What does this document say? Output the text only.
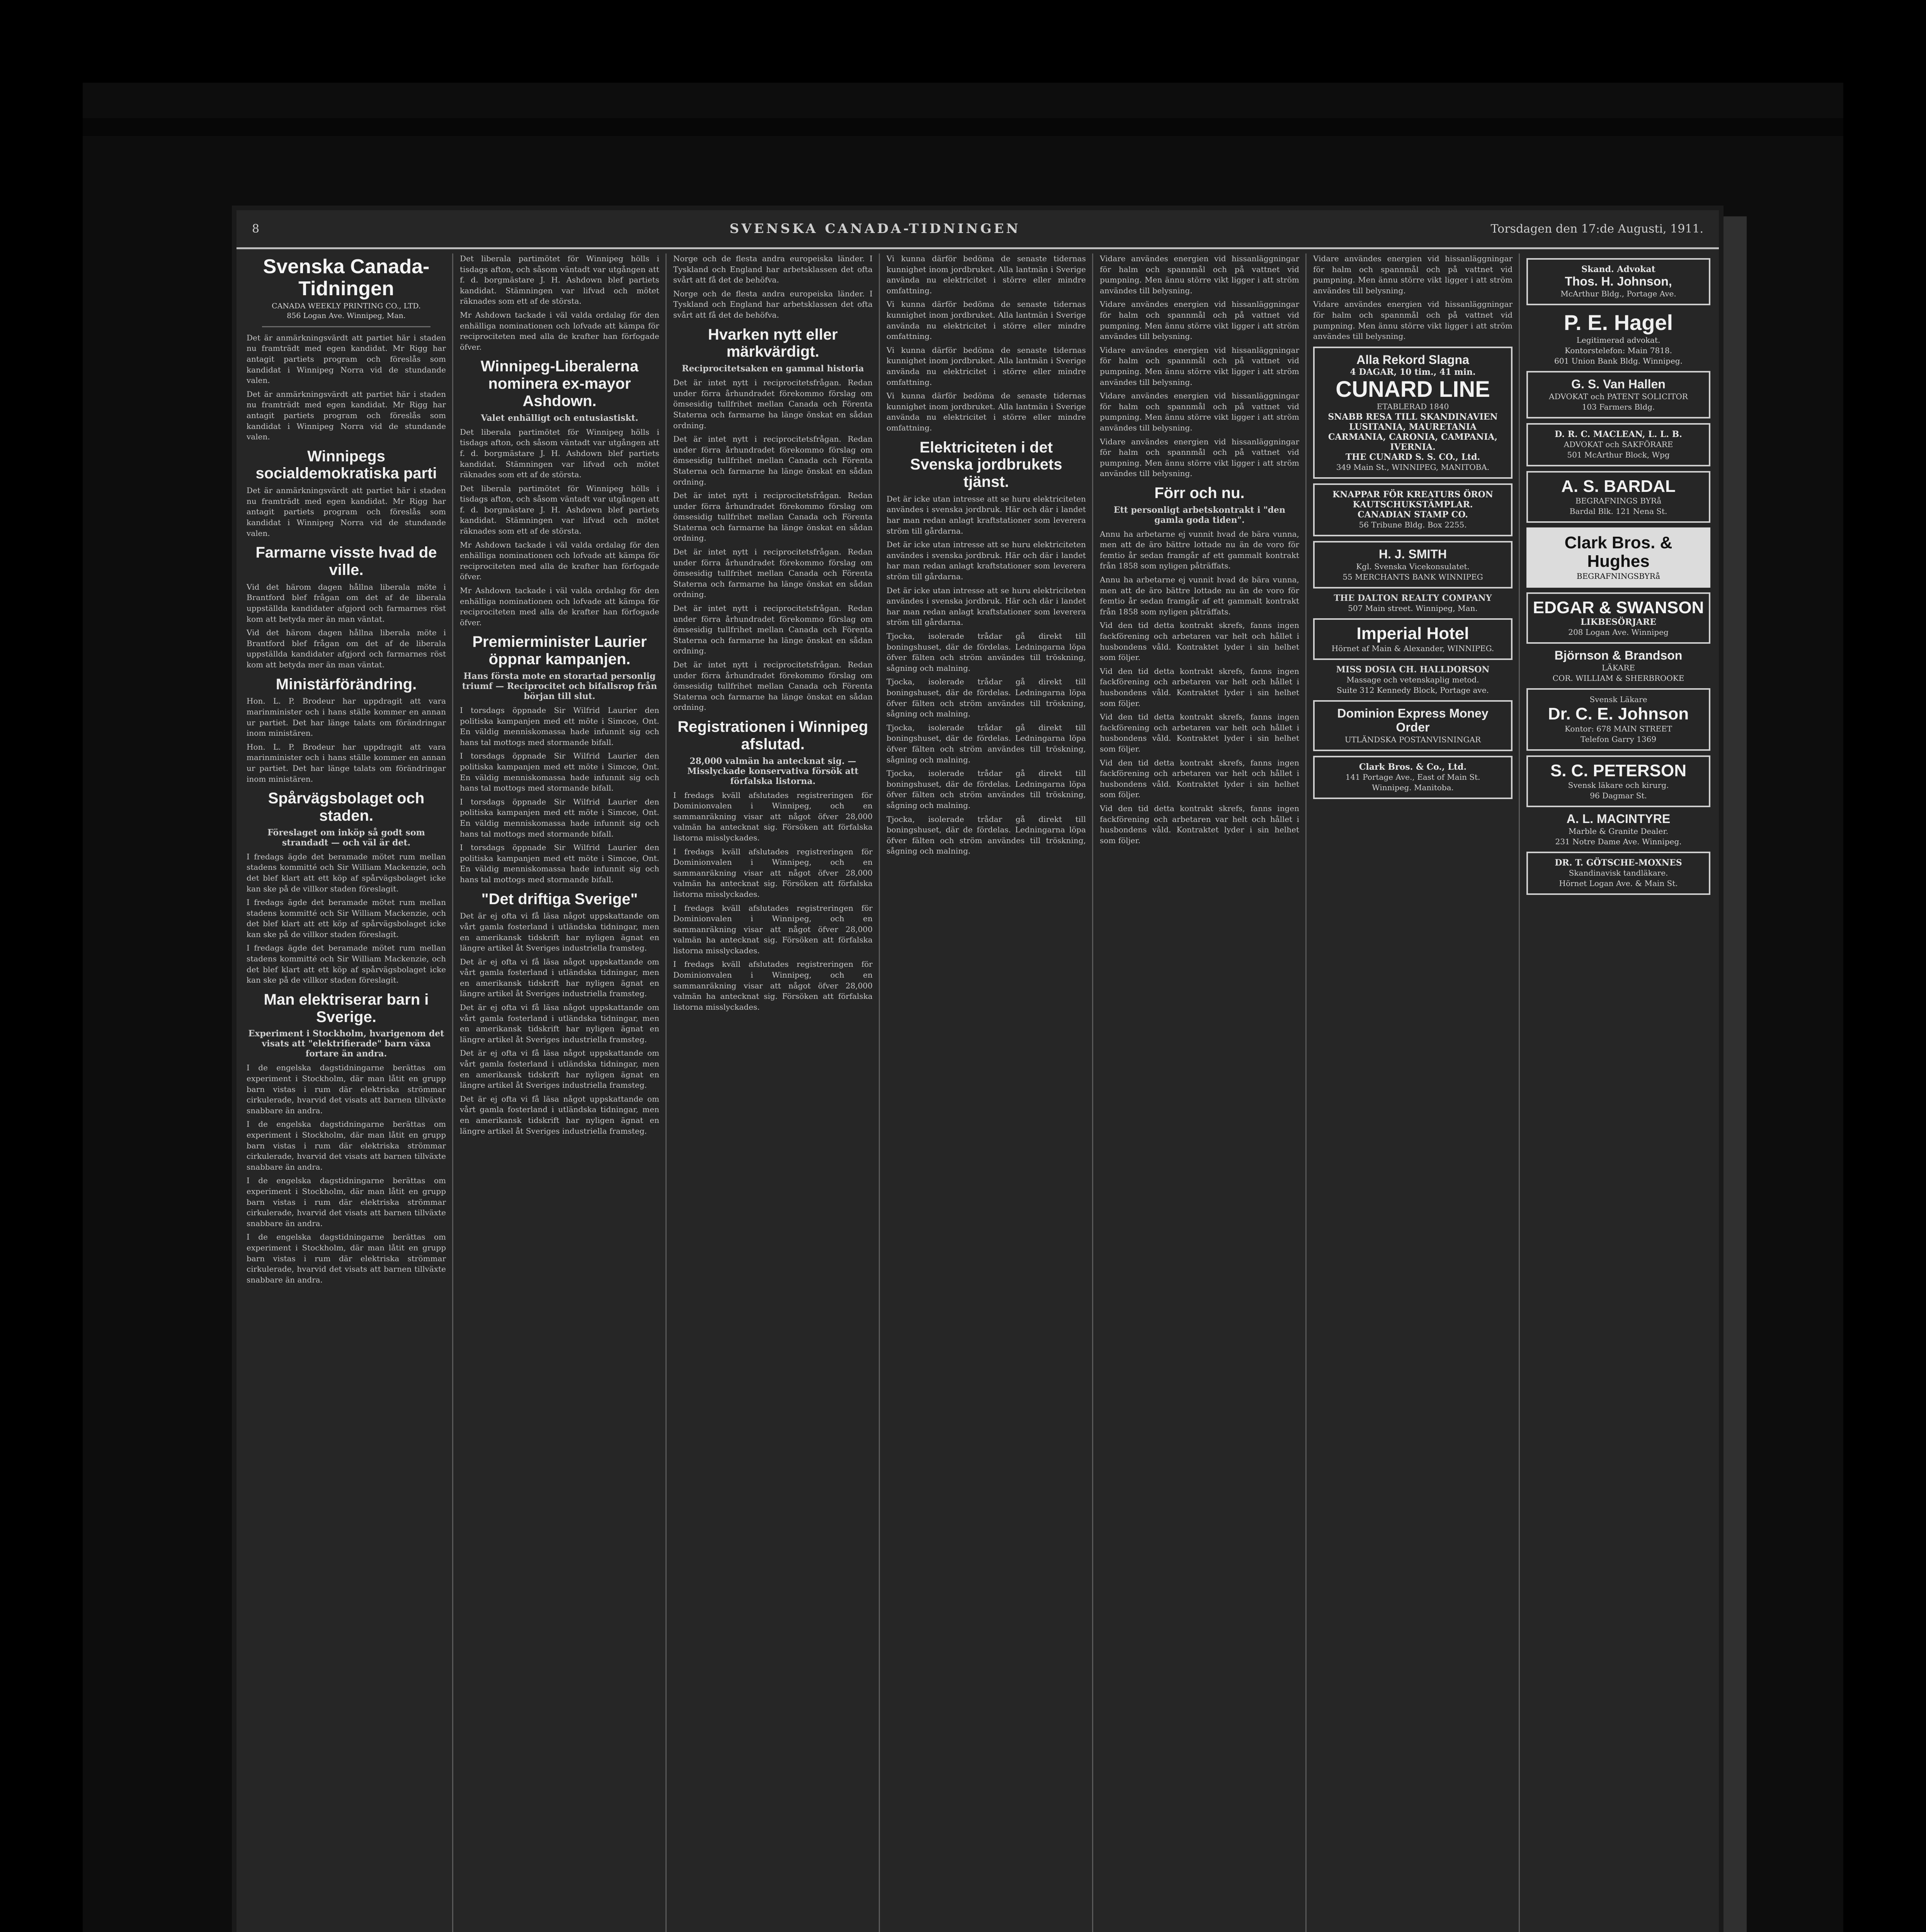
8	SVENSKA CANADA-TIDNINGEN	Torsdagen den 17:de Augusti, 1911.
Svenska Canada-Tidningen
CANADA WEEKLY PRINTING CO., LTD.
856 Logan Ave. Winnipeg, Man.

Det är anmärkningsvärdt att partiet här i staden nu framträdt med egen kandidat. Mr Rigg har antagit partiets program och föreslås som kandidat i Winnipeg Norra vid de stundande valen.

Det är anmärkningsvärdt att partiet här i staden nu framträdt med egen kandidat. Mr Rigg har antagit partiets program och föreslås som kandidat i Winnipeg Norra vid de stundande valen.

Winnipegs socialdemokratiska parti

Det är anmärkningsvärdt att partiet här i staden nu framträdt med egen kandidat. Mr Rigg har antagit partiets program och föreslås som kandidat i Winnipeg Norra vid de stundande valen.

Farmarne visste hvad de ville.

Vid det härom dagen hållna liberala möte i Brantford blef frågan om det af de liberala uppställda kandidater afgjord och farmarnes röst kom att betyda mer än man väntat.

Vid det härom dagen hållna liberala möte i Brantford blef frågan om det af de liberala uppställda kandidater afgjord och farmarnes röst kom att betyda mer än man väntat.

Ministärförändring.

Hon. L. P. Brodeur har uppdragit att vara marinminister och i hans ställe kommer en annan ur partiet. Det har länge talats om förändringar inom ministären.

Hon. L. P. Brodeur har uppdragit att vara marinminister och i hans ställe kommer en annan ur partiet. Det har länge talats om förändringar inom ministären.

Spårvägsbolaget och staden.
Föreslaget om inköp så godt som strandadt — och väl är det.

I fredags ägde det beramade mötet rum mellan stadens kommitté och Sir William Mackenzie, och det blef klart att ett köp af spårvägsbolaget icke kan ske på de villkor staden föreslagit.

I fredags ägde det beramade mötet rum mellan stadens kommitté och Sir William Mackenzie, och det blef klart att ett köp af spårvägsbolaget icke kan ske på de villkor staden föreslagit.

I fredags ägde det beramade mötet rum mellan stadens kommitté och Sir William Mackenzie, och det blef klart att ett köp af spårvägsbolaget icke kan ske på de villkor staden föreslagit.

Man elektriserar barn i Sverige.
Experiment i Stockholm, hvarigenom det visats att "elektrifierade" barn växa fortare än andra.

I de engelska dagstidningarne berättas om experiment i Stockholm, där man låtit en grupp barn vistas i rum där elektriska strömmar cirkulerade, hvarvid det visats att barnen tillväxte snabbare än andra.

I de engelska dagstidningarne berättas om experiment i Stockholm, där man låtit en grupp barn vistas i rum där elektriska strömmar cirkulerade, hvarvid det visats att barnen tillväxte snabbare än andra.

I de engelska dagstidningarne berättas om experiment i Stockholm, där man låtit en grupp barn vistas i rum där elektriska strömmar cirkulerade, hvarvid det visats att barnen tillväxte snabbare än andra.

I de engelska dagstidningarne berättas om experiment i Stockholm, där man låtit en grupp barn vistas i rum där elektriska strömmar cirkulerade, hvarvid det visats att barnen tillväxte snabbare än andra.

Det liberala partimötet för Winnipeg hölls i tisdags afton, och såsom väntadt var utgången att f. d. borgmästare J. H. Ashdown blef partiets kandidat. Stämningen var lifvad och mötet räknades som ett af de största.

Mr Ashdown tackade i väl valda ordalag för den enhälliga nominationen och lofvade att kämpa för reciprociteten med alla de krafter han förfogade öfver.

Winnipeg-Liberalerna nominera ex-mayor Ashdown.
Valet enhälligt och entusiastiskt.

Det liberala partimötet för Winnipeg hölls i tisdags afton, och såsom väntadt var utgången att f. d. borgmästare J. H. Ashdown blef partiets kandidat. Stämningen var lifvad och mötet räknades som ett af de största.

Det liberala partimötet för Winnipeg hölls i tisdags afton, och såsom väntadt var utgången att f. d. borgmästare J. H. Ashdown blef partiets kandidat. Stämningen var lifvad och mötet räknades som ett af de största.

Mr Ashdown tackade i väl valda ordalag för den enhälliga nominationen och lofvade att kämpa för reciprociteten med alla de krafter han förfogade öfver.

Mr Ashdown tackade i väl valda ordalag för den enhälliga nominationen och lofvade att kämpa för reciprociteten med alla de krafter han förfogade öfver.

Premierminister Laurier öppnar kampanjen.
Hans första mote en storartad personlig triumf — Reciprocitet och bifallsrop från början till slut.

I torsdags öppnade Sir Wilfrid Laurier den politiska kampanjen med ett möte i Simcoe, Ont. En väldig menniskomassa hade infunnit sig och hans tal mottogs med stormande bifall.

I torsdags öppnade Sir Wilfrid Laurier den politiska kampanjen med ett möte i Simcoe, Ont. En väldig menniskomassa hade infunnit sig och hans tal mottogs med stormande bifall.

I torsdags öppnade Sir Wilfrid Laurier den politiska kampanjen med ett möte i Simcoe, Ont. En väldig menniskomassa hade infunnit sig och hans tal mottogs med stormande bifall.

I torsdags öppnade Sir Wilfrid Laurier den politiska kampanjen med ett möte i Simcoe, Ont. En väldig menniskomassa hade infunnit sig och hans tal mottogs med stormande bifall.

"Det driftiga Sverige"

Det är ej ofta vi få läsa något uppskattande om vårt gamla fosterland i utländska tidningar, men en amerikansk tidskrift har nyligen ägnat en längre artikel åt Sveriges industriella framsteg.

Det är ej ofta vi få läsa något uppskattande om vårt gamla fosterland i utländska tidningar, men en amerikansk tidskrift har nyligen ägnat en längre artikel åt Sveriges industriella framsteg.

Det är ej ofta vi få läsa något uppskattande om vårt gamla fosterland i utländska tidningar, men en amerikansk tidskrift har nyligen ägnat en längre artikel åt Sveriges industriella framsteg.

Det är ej ofta vi få läsa något uppskattande om vårt gamla fosterland i utländska tidningar, men en amerikansk tidskrift har nyligen ägnat en längre artikel åt Sveriges industriella framsteg.

Det är ej ofta vi få läsa något uppskattande om vårt gamla fosterland i utländska tidningar, men en amerikansk tidskrift har nyligen ägnat en längre artikel åt Sveriges industriella framsteg.

Norge och de flesta andra europeiska länder. I Tyskland och England har arbetsklassen det ofta svårt att få det de behöfva.

Norge och de flesta andra europeiska länder. I Tyskland och England har arbetsklassen det ofta svårt att få det de behöfva.

Hvarken nytt eller märkvärdigt.
Reciprocitetsaken en gammal historia

Det är intet nytt i reciprocitetsfrågan. Redan under förra århundradet förekommo förslag om ömsesidig tullfrihet mellan Canada och Förenta Staterna och farmarne ha länge önskat en sådan ordning.

Det är intet nytt i reciprocitetsfrågan. Redan under förra århundradet förekommo förslag om ömsesidig tullfrihet mellan Canada och Förenta Staterna och farmarne ha länge önskat en sådan ordning.

Det är intet nytt i reciprocitetsfrågan. Redan under förra århundradet förekommo förslag om ömsesidig tullfrihet mellan Canada och Förenta Staterna och farmarne ha länge önskat en sådan ordning.

Det är intet nytt i reciprocitetsfrågan. Redan under förra århundradet förekommo förslag om ömsesidig tullfrihet mellan Canada och Förenta Staterna och farmarne ha länge önskat en sådan ordning.

Det är intet nytt i reciprocitetsfrågan. Redan under förra århundradet förekommo förslag om ömsesidig tullfrihet mellan Canada och Förenta Staterna och farmarne ha länge önskat en sådan ordning.

Det är intet nytt i reciprocitetsfrågan. Redan under förra århundradet förekommo förslag om ömsesidig tullfrihet mellan Canada och Förenta Staterna och farmarne ha länge önskat en sådan ordning.

Registrationen i Winnipeg afslutad.
28,000 valmän ha antecknat sig. — Misslyckade konservativa försök att förfalska listorna.

I fredags kväll afslutades registreringen för Dominionvalen i Winnipeg, och en sammanräkning visar att något öfver 28,000 valmän ha antecknat sig. Försöken att förfalska listorna misslyckades.

I fredags kväll afslutades registreringen för Dominionvalen i Winnipeg, och en sammanräkning visar att något öfver 28,000 valmän ha antecknat sig. Försöken att förfalska listorna misslyckades.

I fredags kväll afslutades registreringen för Dominionvalen i Winnipeg, och en sammanräkning visar att något öfver 28,000 valmän ha antecknat sig. Försöken att förfalska listorna misslyckades.

I fredags kväll afslutades registreringen för Dominionvalen i Winnipeg, och en sammanräkning visar att något öfver 28,000 valmän ha antecknat sig. Försöken att förfalska listorna misslyckades.

Vi kunna därför bedöma de senaste tidernas kunnighet inom jordbruket. Alla lantmän i Sverige använda nu elektricitet i större eller mindre omfattning.

Vi kunna därför bedöma de senaste tidernas kunnighet inom jordbruket. Alla lantmän i Sverige använda nu elektricitet i större eller mindre omfattning.

Vi kunna därför bedöma de senaste tidernas kunnighet inom jordbruket. Alla lantmän i Sverige använda nu elektricitet i större eller mindre omfattning.

Vi kunna därför bedöma de senaste tidernas kunnighet inom jordbruket. Alla lantmän i Sverige använda nu elektricitet i större eller mindre omfattning.

Elektriciteten i det Svenska jordbrukets tjänst.

Det är icke utan intresse att se huru elektriciteten användes i svenska jordbruk. Här och där i landet har man redan anlagt kraftstationer som leverera ström till gårdarna.

Det är icke utan intresse att se huru elektriciteten användes i svenska jordbruk. Här och där i landet har man redan anlagt kraftstationer som leverera ström till gårdarna.

Det är icke utan intresse att se huru elektriciteten användes i svenska jordbruk. Här och där i landet har man redan anlagt kraftstationer som leverera ström till gårdarna.

Tjocka, isolerade trådar gå direkt till boningshuset, där de fördelas. Ledningarna löpa öfver fälten och ström användes till tröskning, sågning och malning.

Tjocka, isolerade trådar gå direkt till boningshuset, där de fördelas. Ledningarna löpa öfver fälten och ström användes till tröskning, sågning och malning.

Tjocka, isolerade trådar gå direkt till boningshuset, där de fördelas. Ledningarna löpa öfver fälten och ström användes till tröskning, sågning och malning.

Tjocka, isolerade trådar gå direkt till boningshuset, där de fördelas. Ledningarna löpa öfver fälten och ström användes till tröskning, sågning och malning.

Tjocka, isolerade trådar gå direkt till boningshuset, där de fördelas. Ledningarna löpa öfver fälten och ström användes till tröskning, sågning och malning.

Vidare användes energien vid hissanläggningar för halm och spannmål och på vattnet vid pumpning. Men ännu större vikt ligger i att ström användes till belysning.

Vidare användes energien vid hissanläggningar för halm och spannmål och på vattnet vid pumpning. Men ännu större vikt ligger i att ström användes till belysning.

Vidare användes energien vid hissanläggningar för halm och spannmål och på vattnet vid pumpning. Men ännu större vikt ligger i att ström användes till belysning.

Vidare användes energien vid hissanläggningar för halm och spannmål och på vattnet vid pumpning. Men ännu större vikt ligger i att ström användes till belysning.

Vidare användes energien vid hissanläggningar för halm och spannmål och på vattnet vid pumpning. Men ännu större vikt ligger i att ström användes till belysning.

Förr och nu.
Ett personligt arbetskontrakt i "den gamla goda tiden".

Annu ha arbetarne ej vunnit hvad de bära vunna, men att de äro bättre lottade nu än de voro för femtio år sedan framgår af ett gammalt kontrakt från 1858 som nyligen påträffats.

Annu ha arbetarne ej vunnit hvad de bära vunna, men att de äro bättre lottade nu än de voro för femtio år sedan framgår af ett gammalt kontrakt från 1858 som nyligen påträffats.

Vid den tid detta kontrakt skrefs, fanns ingen fackförening och arbetaren var helt och hållet i husbondens våld. Kontraktet lyder i sin helhet som följer.

Vid den tid detta kontrakt skrefs, fanns ingen fackförening och arbetaren var helt och hållet i husbondens våld. Kontraktet lyder i sin helhet som följer.

Vid den tid detta kontrakt skrefs, fanns ingen fackförening och arbetaren var helt och hållet i husbondens våld. Kontraktet lyder i sin helhet som följer.

Vid den tid detta kontrakt skrefs, fanns ingen fackförening och arbetaren var helt och hållet i husbondens våld. Kontraktet lyder i sin helhet som följer.

Vid den tid detta kontrakt skrefs, fanns ingen fackförening och arbetaren var helt och hållet i husbondens våld. Kontraktet lyder i sin helhet som följer.

Vidare användes energien vid hissanläggningar för halm och spannmål och på vattnet vid pumpning. Men ännu större vikt ligger i att ström användes till belysning.

Vidare användes energien vid hissanläggningar för halm och spannmål och på vattnet vid pumpning. Men ännu större vikt ligger i att ström användes till belysning.

Alla Rekord Slagna
4 DAGAR, 10 tim., 41 min.
CUNARD LINE
ETABLERAD 1840
SNABB RESA TILL SKANDINAVIEN
LUSITANIA, MAURETANIA
CARMANIA, CARONIA, CAMPANIA, IVERNIA.
THE CUNARD S. S. CO., Ltd.
349 Main St., WINNIPEG, MANITOBA.
KNAPPAR FÖR KREATURS ÖRON
KAUTSCHUKSTÄMPLAR.
CANADIAN STAMP CO.
56 Tribune Bldg. Box 2255.
H. J. SMITH
Kgl. Svenska Vicekonsulatet.
55 MERCHANTS BANK WINNIPEG
THE DALTON REALTY COMPANY
507 Main street. Winnipeg, Man.
Imperial Hotel
Hörnet af Main & Alexander, WINNIPEG.
MISS DOSIA CH. HALLDORSON
Massage och vetenskaplig metod.
Suite 312 Kennedy Block, Portage ave.
Dominion Express Money Order
UTLÄNDSKA POSTANVISNINGAR
Clark Bros. & Co., Ltd.
141 Portage Ave., East of Main St.
Winnipeg. Manitoba.
Skand. Advokat
Thos. H. Johnson,
McArthur Bldg., Portage Ave.
P. E. Hagel
Legitimerad advokat.
Kontorstelefon: Main 7818.
601 Union Bank Bldg. Winnipeg.
G. S. Van Hallen
ADVOKAT och PATENT SOLICITOR
103 Farmers Bldg.
D. R. C. MACLEAN, L. L. B.
ADVOKAT och SAKFÖRARE
501 McArthur Block, Wpg
A. S. BARDAL
BEGRAFNINGS BYRå
Bardal Blk. 121 Nena St.
Clark Bros. & Hughes
BEGRAFNINGSBYRå
EDGAR & SWANSON
LIKBESÖRJARE
208 Logan Ave. Winnipeg
Björnson & Brandson
LÄKARE
COR. WILLIAM & SHERBROOKE
Svensk Läkare
Dr. C. E. Johnson
Kontor: 678 MAIN STREET
Telefon Garry 1369
S. C. PETERSON
Svensk läkare och kirurg.
96 Dagmar St.
A. L. MACINTYRE
Marble & Granite Dealer.
231 Notre Dame Ave. Winnipeg.
DR. T. GÖTSCHE-MOXNES
Skandinavisk tandläkare.
Hörnet Logan Ave. & Main St.
